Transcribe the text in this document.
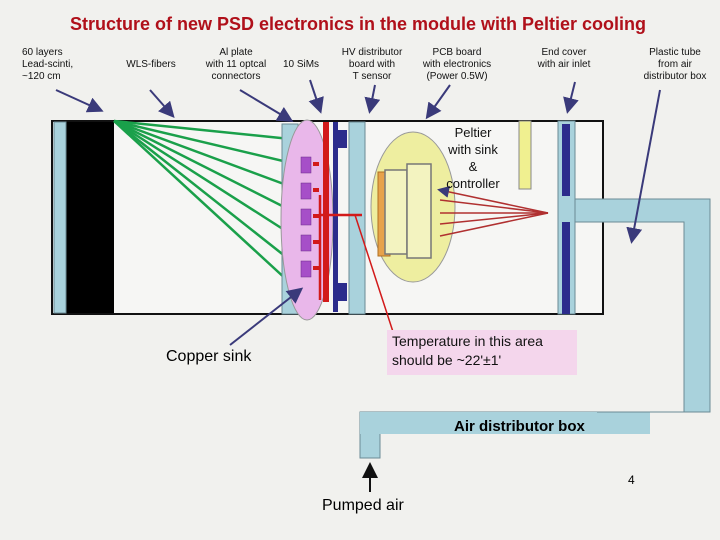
Structure of new PSD electronics in the module with Peltier cooling
60 layers
Lead-scinti,
~120 cm
WLS-fibers
Al plate
with 11 optcal
connectors
10 SiMs
HV distributor
board with
T sensor
PCB board
with electronics
(Power 0.5W)
End cover
with air inlet
Plastic tube
from air
distributor box
Peltier
with sink
&
controller
Copper sink
Temperature in this area
should be ~22'±1'
Air distributor box
Pumped air
4
